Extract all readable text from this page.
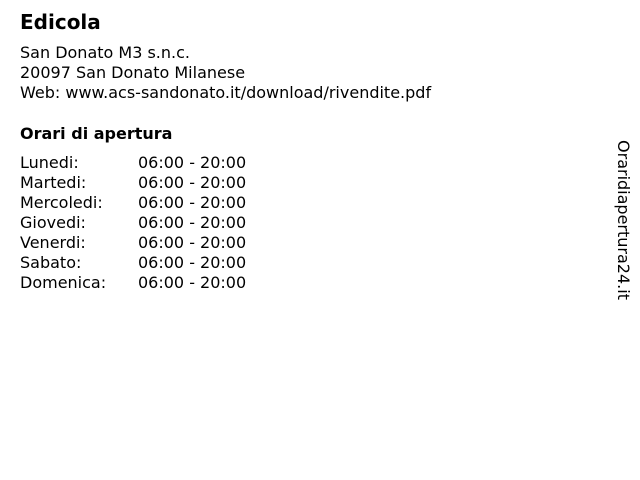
Edicola
San Donato M3 s.n.c.
20097 San Donato Milanese
Web: www.acs-sandonato.it/download/rivendite.pdf
Orari di apertura
Lunedi:	06:00 - 20:00
Martedi:	06:00 - 20:00
Mercoledi:	06:00 - 20:00
Giovedi:	06:00 - 20:00
Venerdi:	06:00 - 20:00
Sabato:	06:00 - 20:00
Domenica:	06:00 - 20:00	Oraridiapertura24.it
